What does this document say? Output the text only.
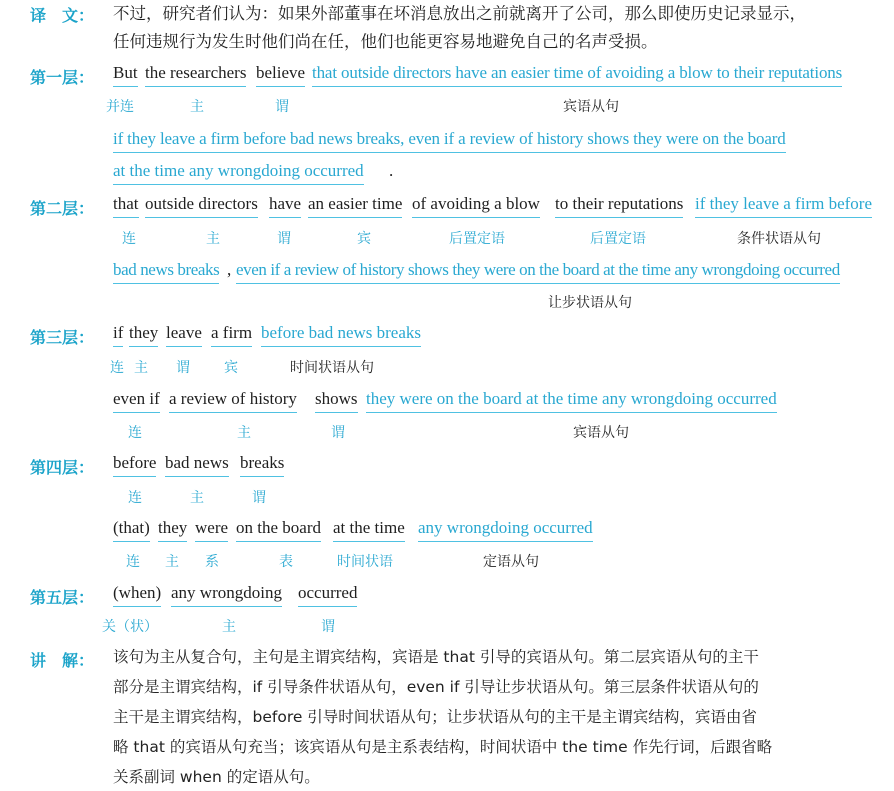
译　文： 不过，研究者们认为：如果外部董事在坏消息放出之前就离开了公司，那么即使历史记录显示，
任何违规行为发生时他们尚在任，他们也能更容易地避免自己的名声受损。
第一层： But the researchers believe that outside directors have an easier time of avoiding a blow to their reputations
并连	主	谓	宾语从句
if they leave a firm before bad news breaks, even if a review of history shows they were on the board
at the time any wrongdoing occurred .
第二层： that outside directors have an easier time of avoiding a blow to their reputations if they leave a firm before
连	主	谓	宾	后置定语	后置定语	条件状语从句
bad news breaks , even if a review of history shows they were on the board at the time any wrongdoing occurred
让步状语从句
第三层： if they leave a firm before bad news breaks
连 主 谓 宾	时间状语从句
even if a review of history shows they were on the board at the time any wrongdoing occurred
连	主	谓	宾语从句
第四层： before bad news breaks
连	主	谓
(that) they were on the board at the time any wrongdoing occurred
连 主 系	表	时间状语	定语从句
第五层： (when) any wrongdoing occurred
关（状）	主	谓
讲　解： 该句为主从复合句，主句是主谓宾结构，宾语是 that 引导的宾语从句。第二层宾语从句的主干
部分是主谓宾结构，if 引导条件状语从句，even if 引导让步状语从句。第三层条件状语从句的
主干是主谓宾结构，before 引导时间状语从句；让步状语从句的主干是主谓宾结构，宾语由省
略 that 的宾语从句充当；该宾语从句是主系表结构，时间状语中 the time 作先行词，后跟省略
关系副词 when 的定语从句。
